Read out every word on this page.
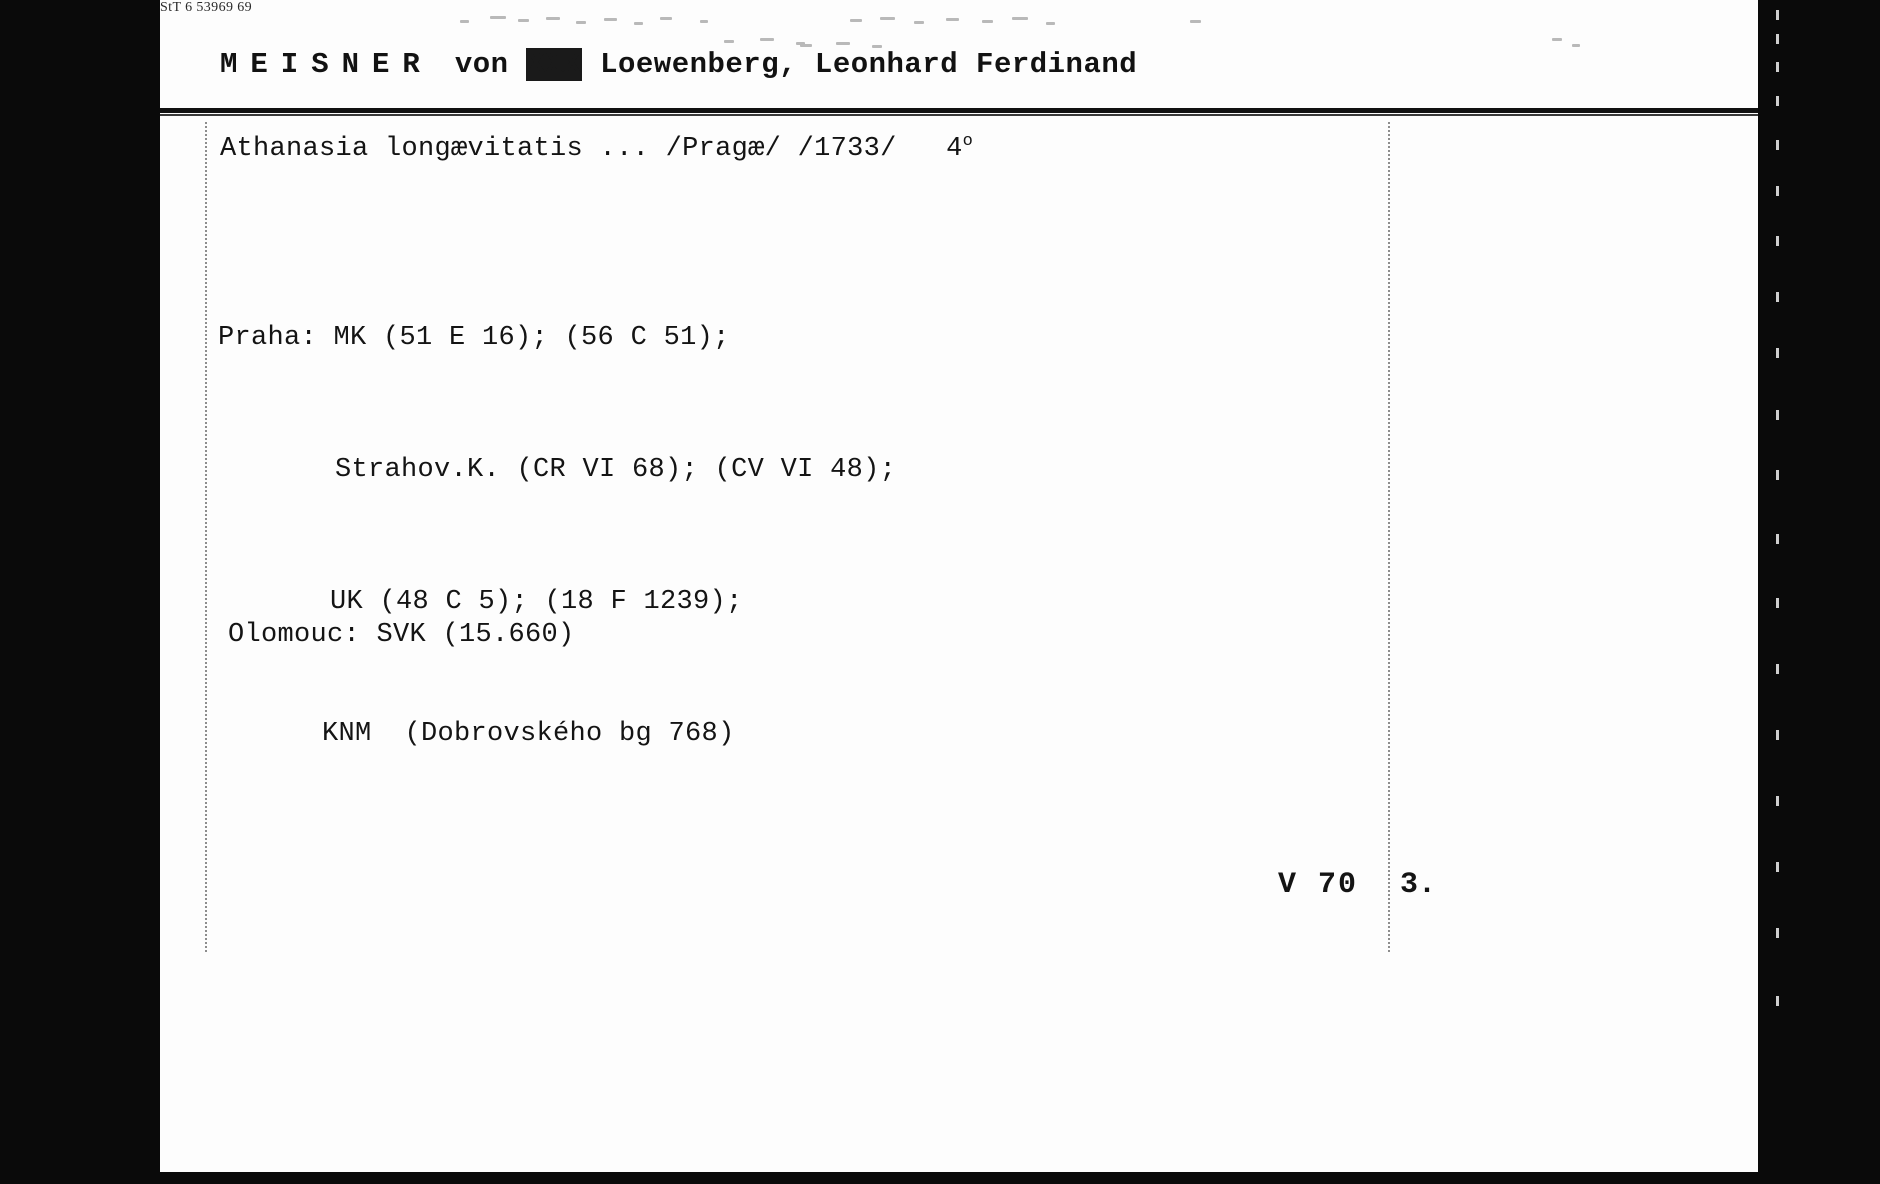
MEISNER von XXX Loewenberg, Leonhard Ferdinand
Athanasia longævitatis ... /Pragæ/ /1733/ 4$^o$

Praha: MK (51 E 16); (56 C 51);

Strahov.K. (CR VI 68); (CV VI 48);

UK (48 C 5); (18 F 1239);

KNM  (Dobrovského bg 768)

Olomouc: SVK (15.660)
V 70 3.
StT 6 53969 69
